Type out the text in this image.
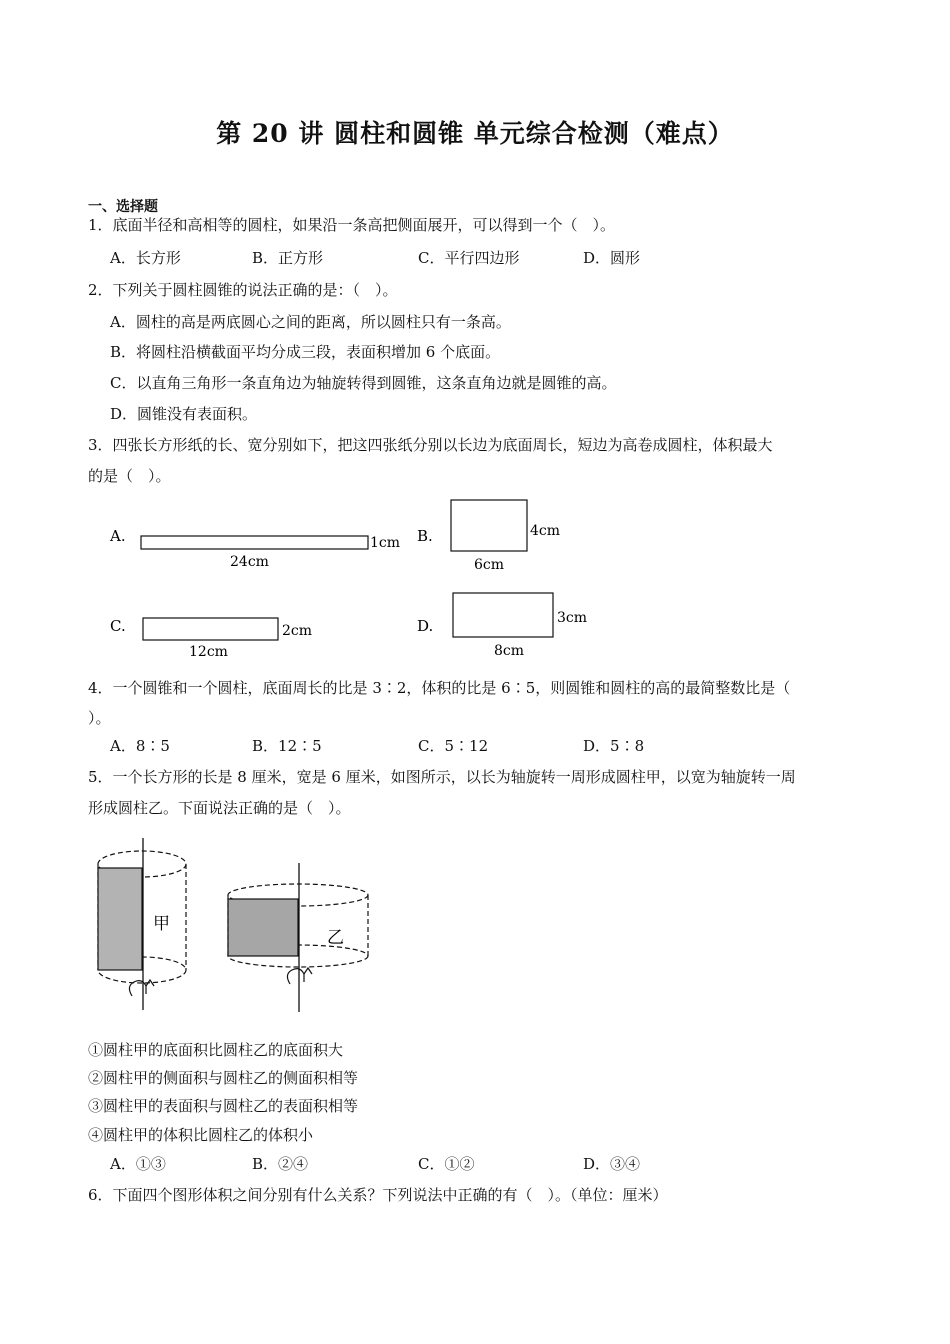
第 20 讲 圆柱和圆锥 单元综合检测（难点）
一、选择题
1．底面半径和高相等的圆柱，如果沿一条高把侧面展开，可以得到一个（　）。
A．长方形	B．正方形	C．平行四边形	D．圆形
2．下列关于圆柱圆锥的说法正确的是：（　）。
A．圆柱的高是两底圆心之间的距离，所以圆柱只有一条高。
B．将圆柱沿横截面平均分成三段，表面积增加 6 个底面。
C．以直角三角形一条直角边为轴旋转得到圆锥，这条直角边就是圆锥的高。
D．圆锥没有表面积。
3．四张长方形纸的长、宽分别如下，把这四张纸分别以长边为底面周长，短边为高卷成圆柱，体积最大
的是（　）。
A.	1cm
24cm
B.	4cm
6cm
C.	2cm
12cm
D.	3cm
8cm
4．一个圆锥和一个圆柱，底面周长的比是 3∶2，体积的比是 6∶5，则圆锥和圆柱的高的最简整数比是（
）。
A．8∶5	B．12∶5	C．5∶12	D．5∶8
5．一个长方形的长是 8 厘米，宽是 6 厘米，如图所示，以长为轴旋转一周形成圆柱甲，以宽为轴旋转一周
形成圆柱乙。下面说法正确的是（　）。
甲
乙
①圆柱甲的底面积比圆柱乙的底面积大
②圆柱甲的侧面积与圆柱乙的侧面积相等
③圆柱甲的表面积与圆柱乙的表面积相等
④圆柱甲的体积比圆柱乙的体积小
A．①③	B．②④	C．①②	D．③④
6．下面四个图形体积之间分别有什么关系？下列说法中正确的有（　）。（单位：厘米）
